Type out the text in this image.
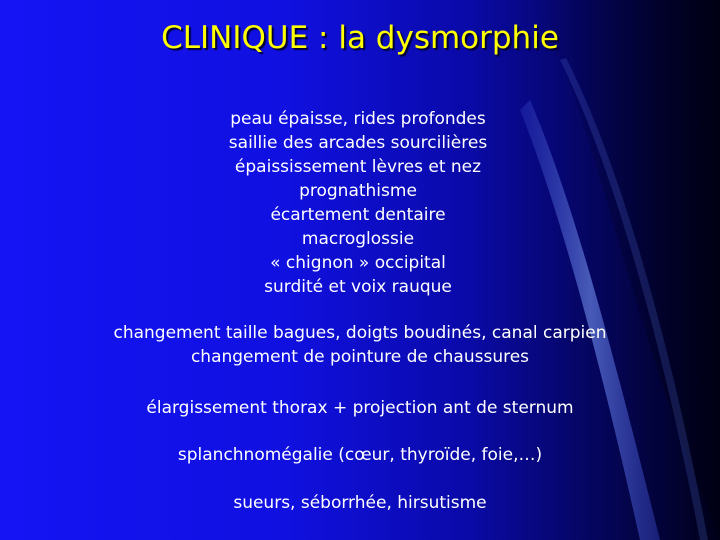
CLINIQUE : la dysmorphie
peau épaisse, rides profondes
saillie des arcades sourcilières
épaississement lèvres et nez
prognathisme
écartement dentaire
macroglossie
« chignon » occipital
surdité et voix rauque
changement taille bagues, doigts boudinés, canal carpien
changement de pointure de chaussures
élargissement thorax + projection ant de sternum
splanchnomégalie (cœur, thyroïde, foie,…)
sueurs, séborrhée, hirsutisme
